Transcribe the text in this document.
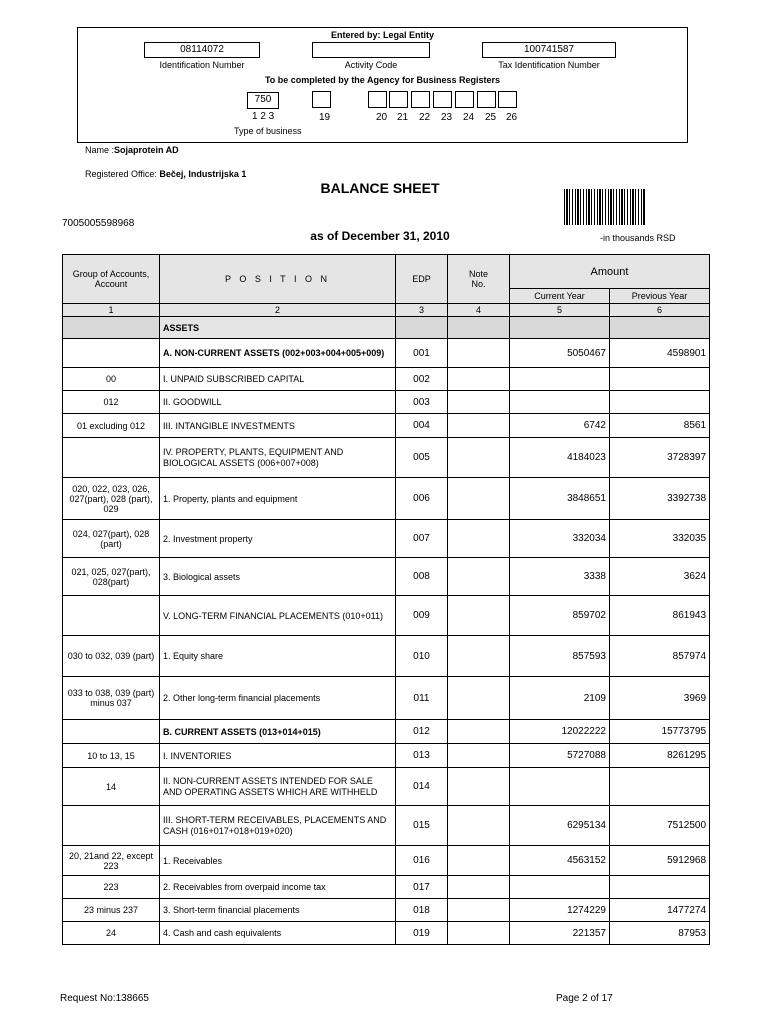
Entered by: Legal Entity
08114072
Identification Number	Activity Code
100741587
Tax Identification Number
To be completed by the Agency for Business Registers
750
1 2 3	19	20 21 22 23 24 25 26
Type of business
Name :Sojaprotein AD
Registered Office: Bečej, Industrijska 1
BALANCE SHEET
7005005598968
as of December 31, 2010	-in thousands RSD
Group of Accounts, Account	P O S I T I O N	EDP	Note No.	Amount	
				Current Year	Previous Year
1	2	3	4	5	6
	ASSETS				
	A. NON-CURRENT ASSETS (002+003+004+005+009)	001		5050467	4598901
00	I. UNPAID SUBSCRIBED CAPITAL	002			
012	II. GOODWILL	003			
01 excluding 012	III. INTANGIBLE INVESTMENTS	004		6742	8561
	IV. PROPERTY, PLANTS, EQUIPMENT AND BIOLOGICAL ASSETS (006+007+008)	005		4184023	3728397
020, 022, 023, 026, 027(part), 028 (part), 029	1. Property, plants and equipment	006		3848651	3392738
024, 027(part), 028 (part)	2. Investment property	007		332034	332035
021, 025, 027(part), 028(part)	3. Biological assets	008		3338	3624
	V. LONG-TERM FINANCIAL PLACEMENTS (010+011)	009		859702	861943
030 to 032, 039 (part)	1. Equity share	010		857593	857974
033 to 038, 039 (part) minus 037	2. Other long-term financial placements	011		2109	3969
	B. CURRENT ASSETS (013+014+015)	012		12022222	15773795
10 to 13, 15	I. INVENTORIES	013		5727088	8261295
14	II. NON-CURRENT ASSETS INTENDED FOR SALE AND OPERATING ASSETS WHICH ARE WITHHELD	014			
	III. SHORT-TERM RECEIVABLES, PLACEMENTS AND CASH (016+017+018+019+020)	015		6295134	7512500
20, 21and 22, except 223	1. Receivables	016		4563152	5912968
223	2. Receivables from overpaid income tax	017			
23 minus 237	3. Short-term financial placements	018		1274229	1477274
24	4. Cash and cash equivalents	019		221357	87953
Request No:138665	Page 2 of 17
